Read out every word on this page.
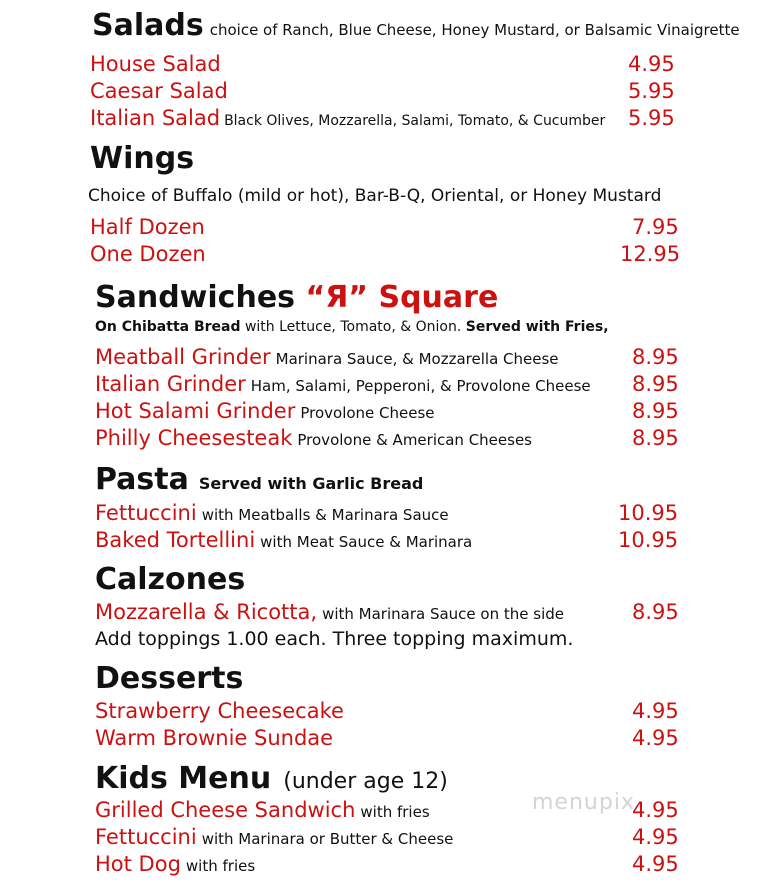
Salads choice of Ranch, Blue Cheese, Honey Mustard, or Balsamic Vinaigrette
House Salad	4.95
Caesar Salad	5.95
Italian Salad Black Olives, Mozzarella, Salami, Tomato, & Cucumber 5.95
Wings
Choice of Buffalo (mild or hot), Bar-B-Q, Oriental, or Honey Mustard
Half Dozen	7.95
One Dozen	12.95
Sandwiches “Я” Square
On Chibatta Bread with Lettuce, Tomato, & Onion. Served with Fries,
Meatball Grinder Marinara Sauce, & Mozzarella Cheese	8.95
Italian Grinder Ham, Salami, Pepperoni, & Provolone Cheese 8.95
Hot Salami Grinder Provolone Cheese	8.95
Philly Cheesesteak Provolone & American Cheeses	8.95
Pasta Served with Garlic Bread
Fettuccini with Meatballs & Marinara Sauce	10.95
Baked Tortellini with Meat Sauce & Marinara	10.95
Calzones
Mozzarella & Ricotta, with Marinara Sauce on the side	8.95
Add toppings 1.00 each. Three topping maximum.
Desserts
Strawberry Cheesecake	4.95
Warm Brownie Sundae	4.95
Kids Menu (under age 12)
menupix
Grilled Cheese Sandwich with fries	4.95
Fettuccini with Marinara or Butter & Cheese	4.95
Hot Dog with fries	4.95
